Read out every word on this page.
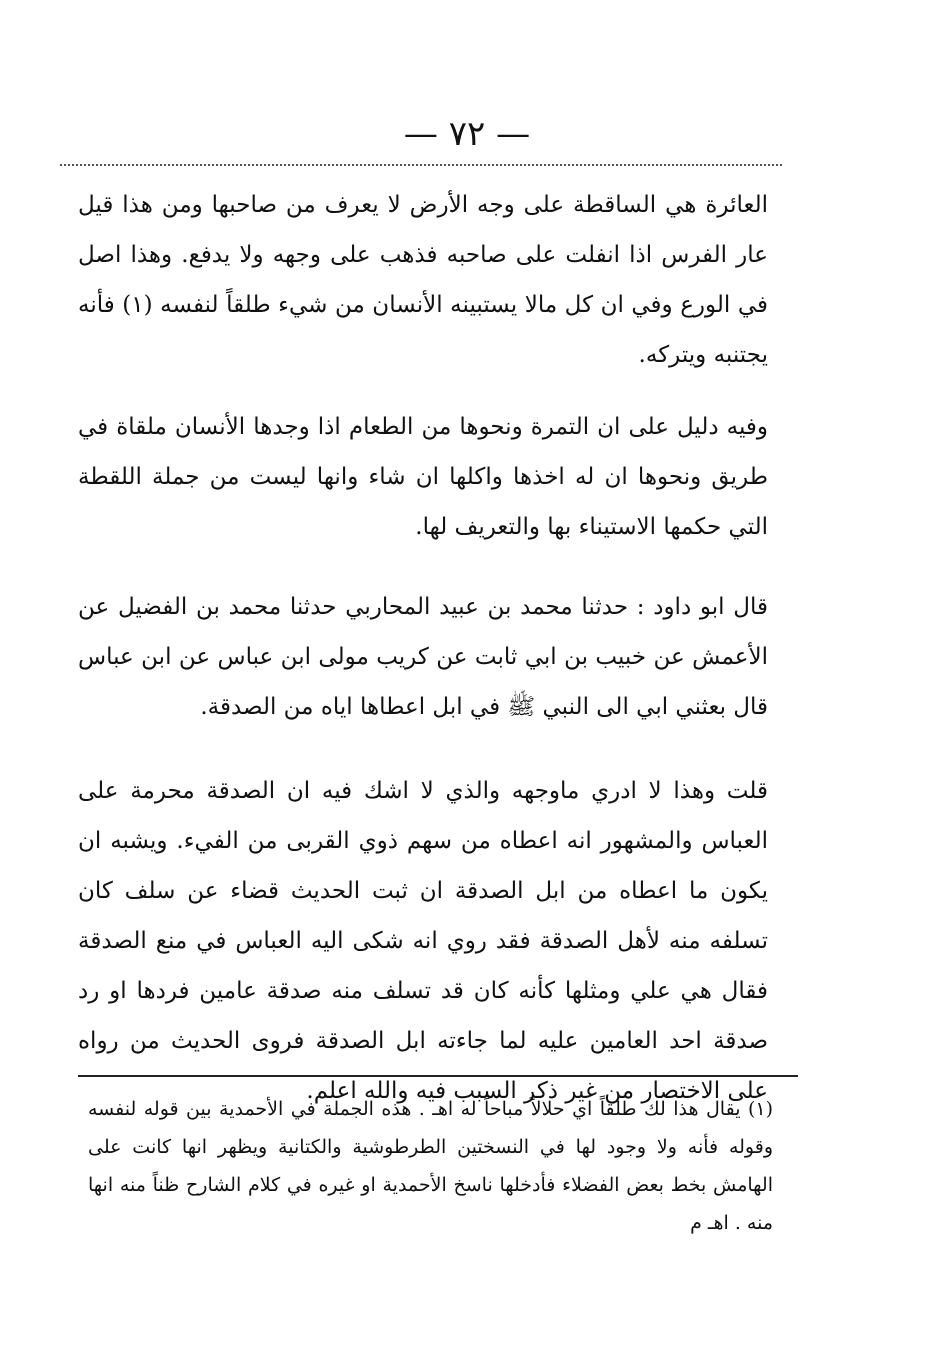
— ٧٢ —

العائرة هي الساقطة على وجه الأرض لا يعرف من صاحبها ومن هذا قيل عار الفرس اذا انفلت على صاحبه فذهب على وجهه ولا يدفع. وهذا اصل في الورع وفي ان كل مالا يستبينه الأنسان من شيء طلقاً لنفسه (١) فأنه يجتنبه ويتركه.

وفيه دليل على ان التمرة ونحوها من الطعام اذا وجدها الأنسان ملقاة في طريق ونحوها ان له اخذها واكلها ان شاء وانها ليست من جملة اللقطة التي حكمها الاستيناء بها والتعريف لها.

قال ابو داود : حدثنا محمد بن عبيد المحاربي حدثنا محمد بن الفضيل عن الأعمش عن خبيب بن ابي ثابت عن كريب مولى ابن عباس عن ابن عباس قال بعثني ابي الى النبي ﷺ في ابل اعطاها اياه من الصدقة.

قلت وهذا لا ادري ماوجهه والذي لا اشك فيه ان الصدقة محرمة على العباس والمشهور انه اعطاه من سهم ذوي القربى من الفيء. ويشبه ان يكون ما اعطاه من ابل الصدقة ان ثبت الحديث قضاء عن سلف كان تسلفه منه لأهل الصدقة فقد روي انه شكى اليه العباس في منع الصدقة فقال هي علي ومثلها كأنه كان قد تسلف منه صدقة عامين فردها او رد صدقة احد العامين عليه لما جاءته ابل الصدقة فروى الحديث من رواه على الاختصار من غير ذكر السبب فيه والله اعلم.

(١) يقال هذا لك طلقاً اي حلالاً مباحاً له اهـ . هذه الجملة في الأحمدية بين قوله لنفسه وقوله فأنه ولا وجود لها في النسختين الطرطوشية والكتانية ويظهر انها كانت على الهامش بخط بعض الفضلاء فأدخلها ناسخ الأحمدية او غيره في كلام الشارح ظناً منه انها منه . اهـ م
